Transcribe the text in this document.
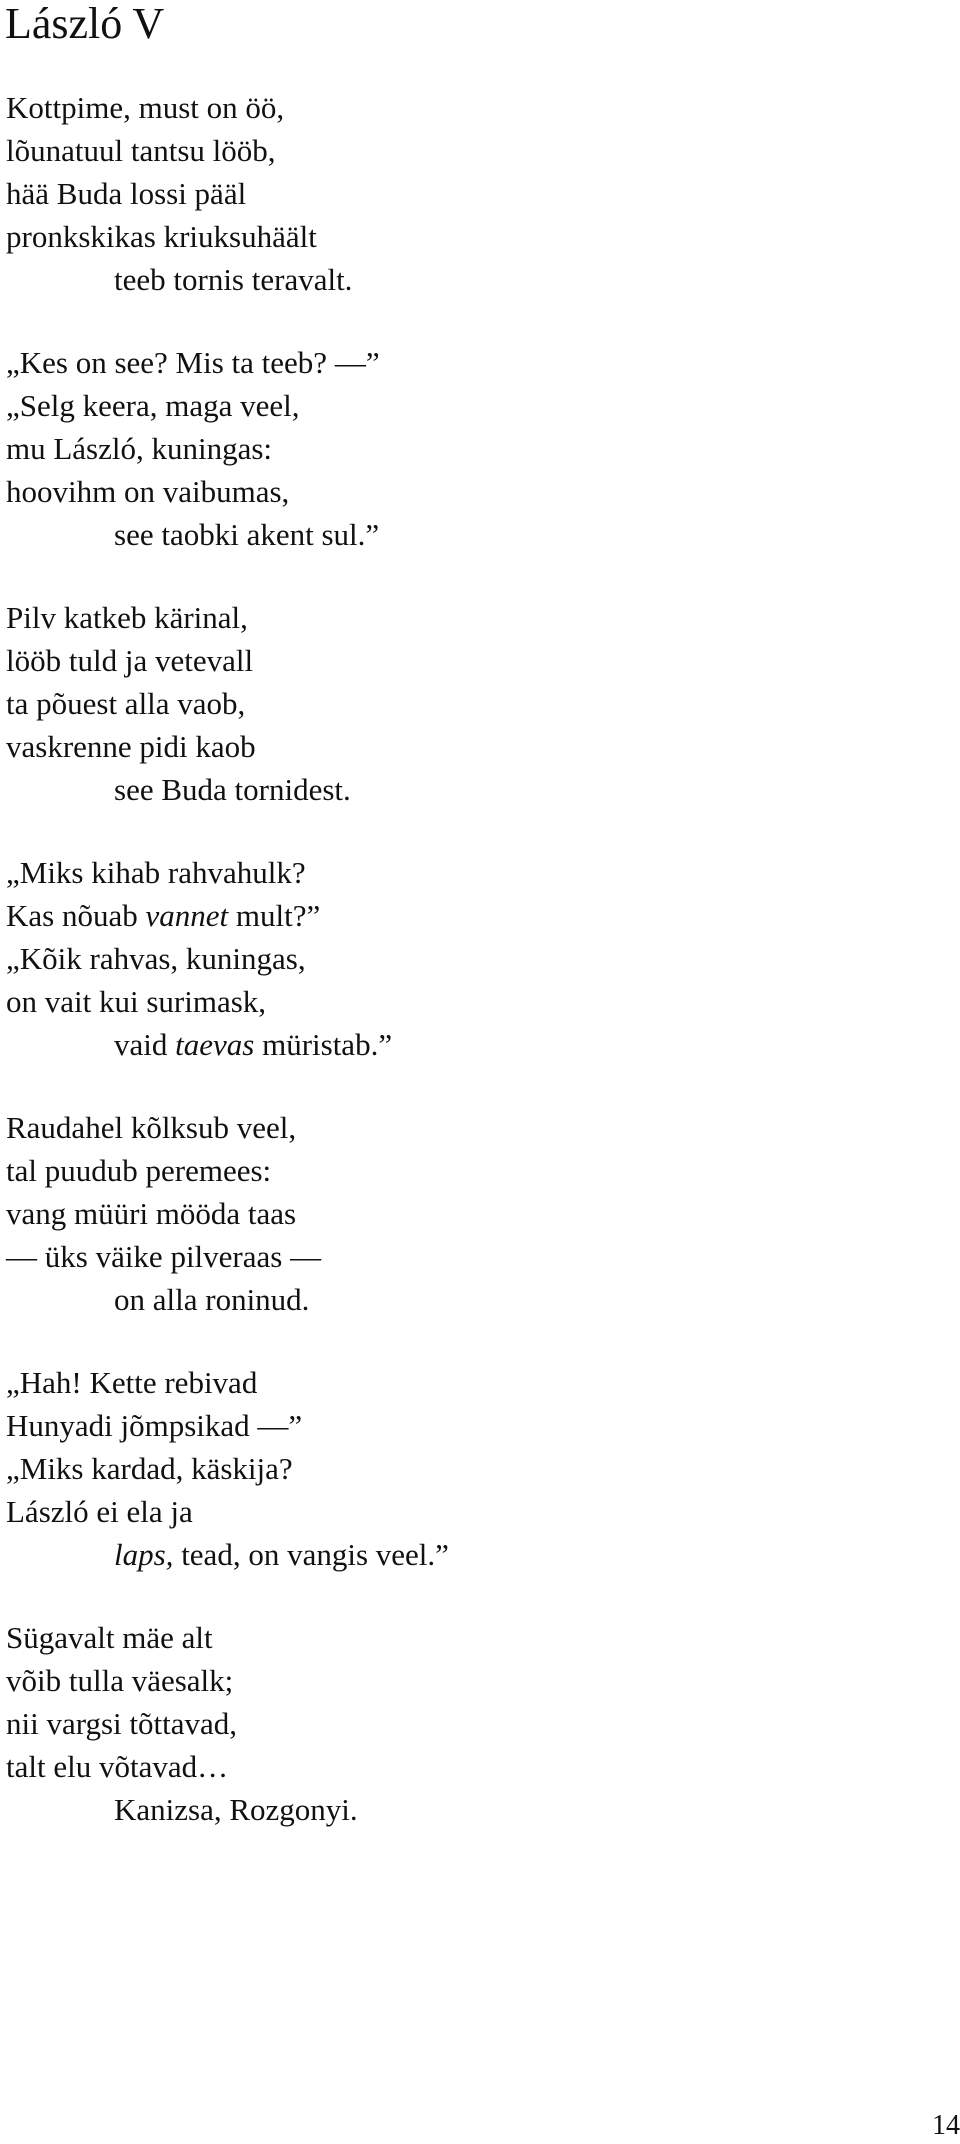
László V
Kottpime, must on öö,
lõunatuul tantsu lööb,
hää Buda lossi pääl
pronkskikas kriuksuhäält
teeb tornis teravalt.
„Kes on see? Mis ta teeb? —”
„Selg keera, maga veel,
mu László, kuningas:
hoovihm on vaibumas,
see taobki akent sul.”
Pilv katkeb kärinal,
lööb tuld ja vetevall
ta põuest alla vaob,
vaskrenne pidi kaob
see Buda tornidest.
„Miks kihab rahvahulk?
Kas nõuab vannet mult?”
„Kõik rahvas, kuningas,
on vait kui surimask,
vaid taevas müristab.”
Raudahel kõlksub veel,
tal puudub peremees:
vang müüri mööda taas
— üks väike pilveraas —
on alla roninud.
„Hah! Kette rebivad
Hunyadi jõmpsikad —”
„Miks kardad, käskija?
László ei ela ja
laps, tead, on vangis veel.”
Sügavalt mäe alt
võib tulla väesalk;
nii vargsi tõttavad,
talt elu võtavad…
Kanizsa, Rozgonyi.
14
